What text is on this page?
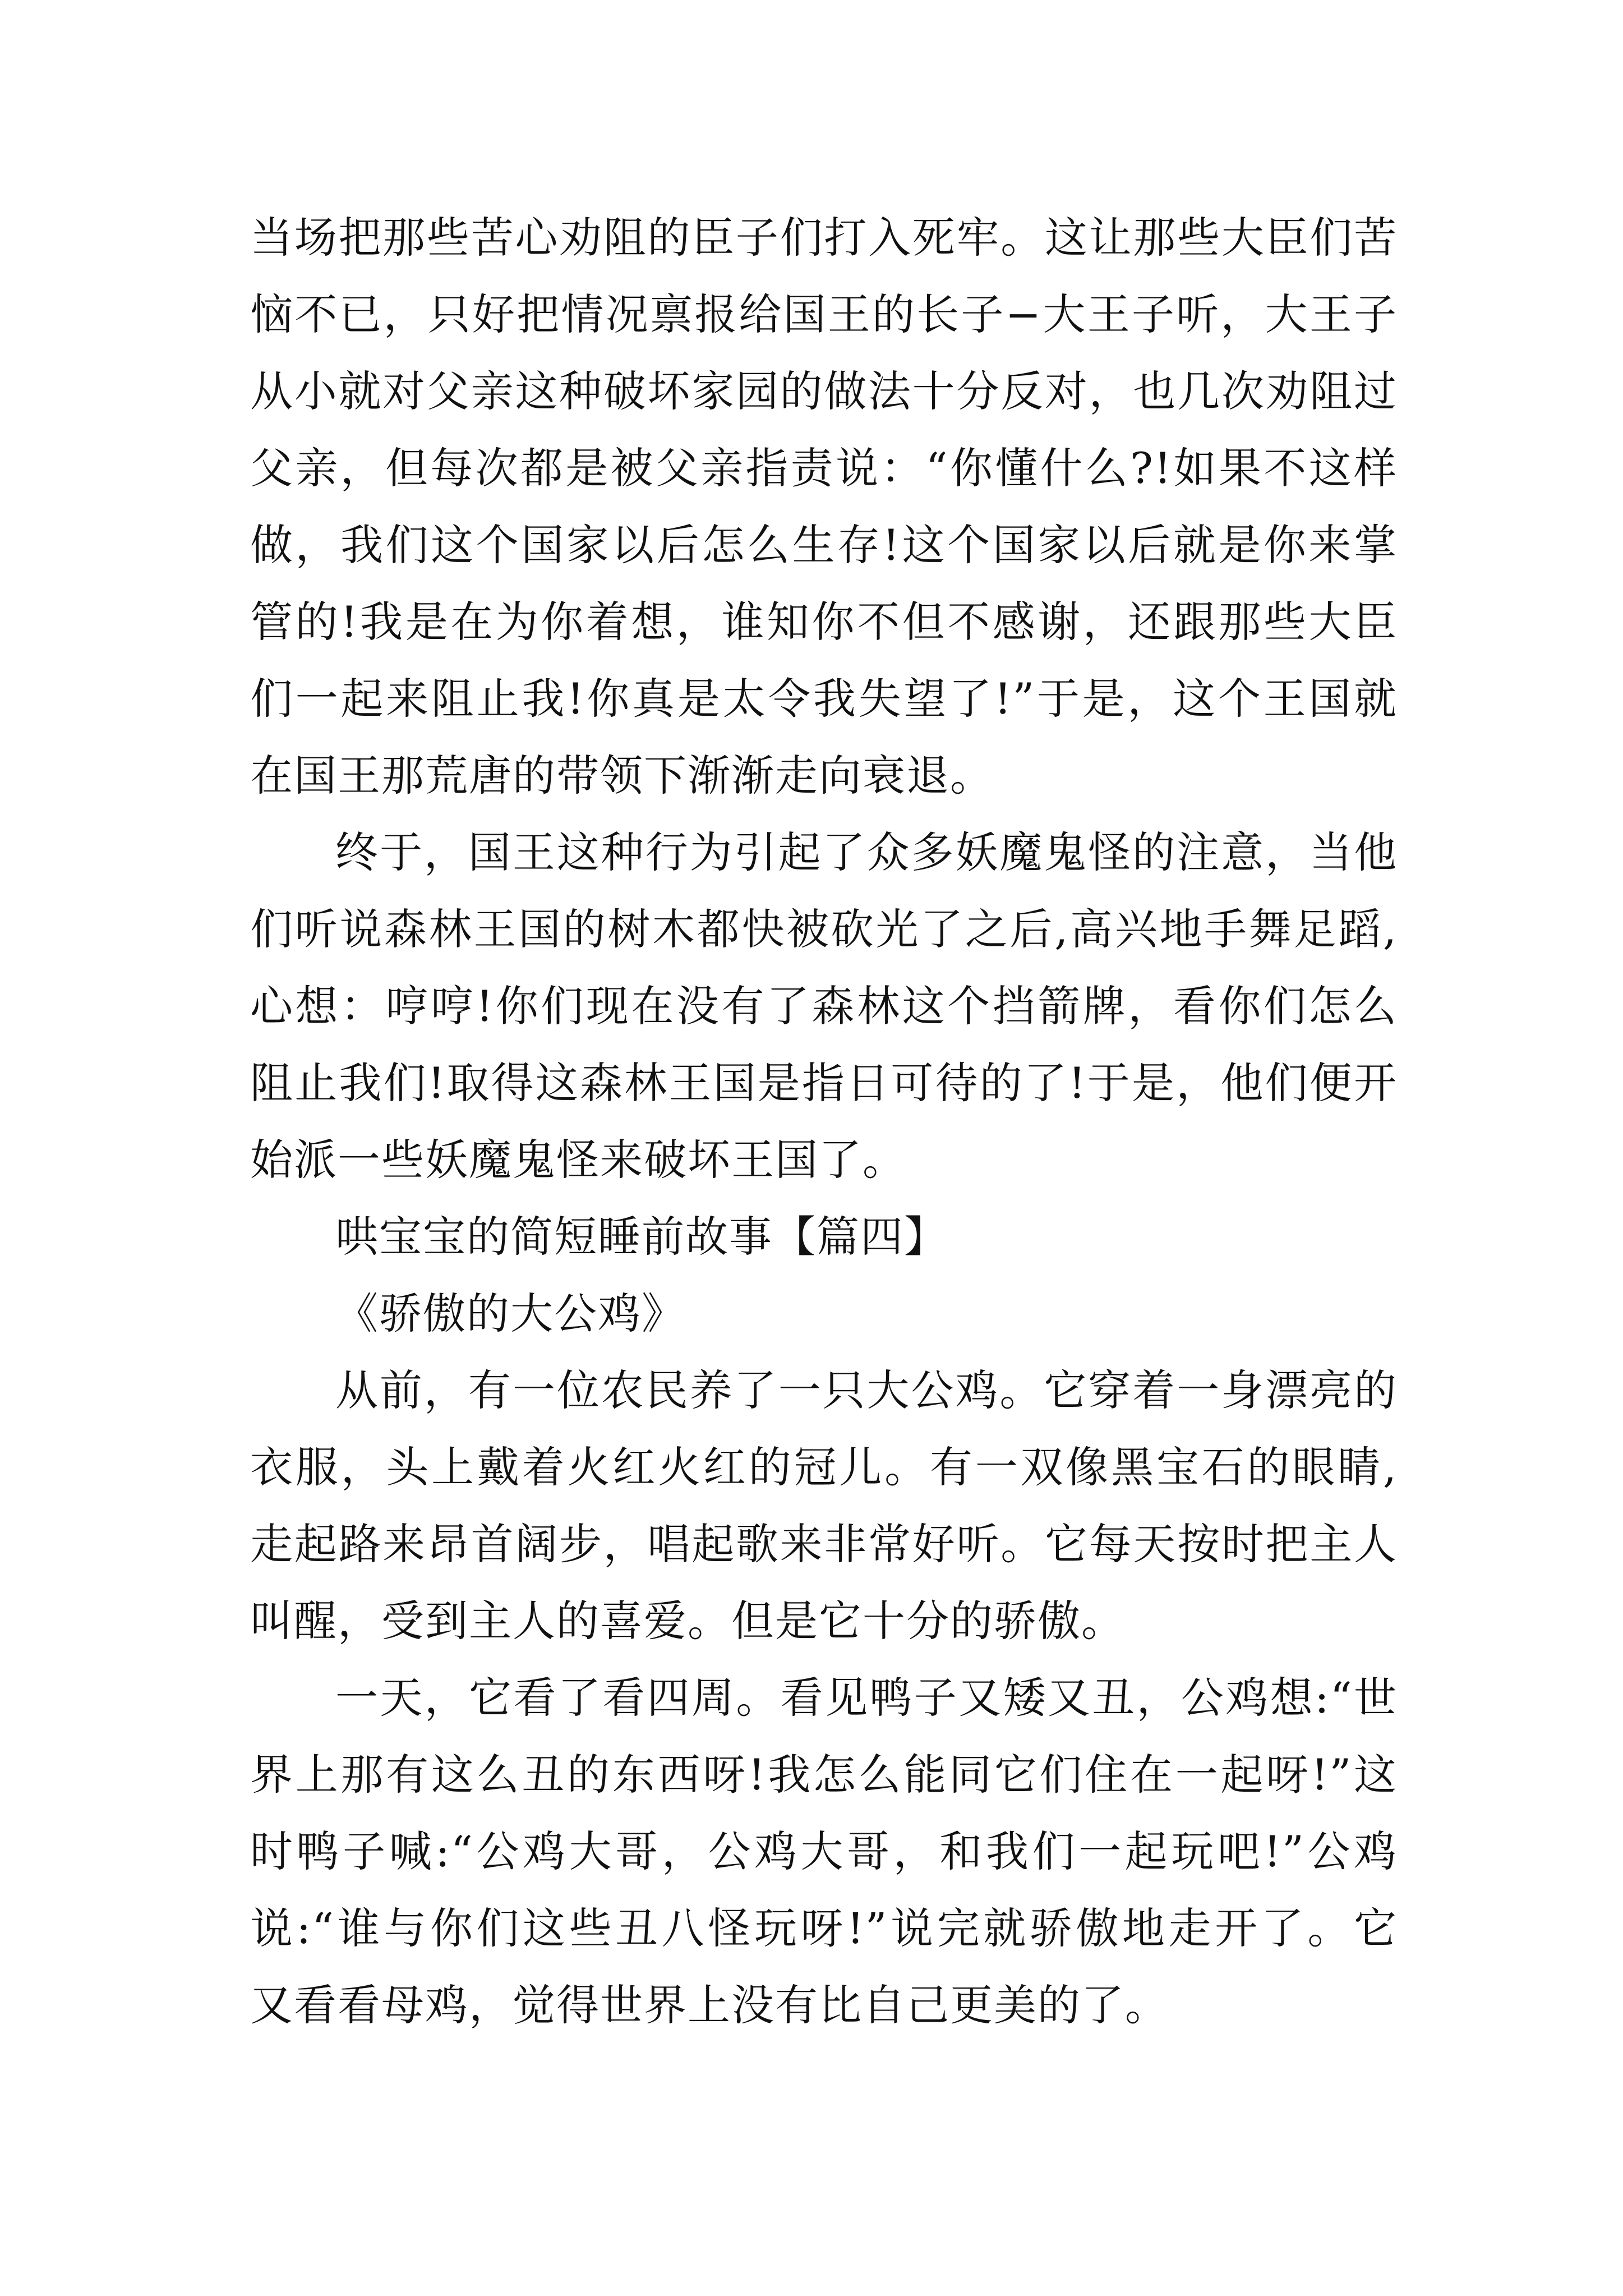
当场把那些苦心劝阻的臣子们打入死牢。这让那些大臣们苦
恼不已，只好把情况禀报给国王的长子−大王子听，大王子
从小就对父亲这种破坏家园的做法十分反对，也几次劝阻过
父亲，但每次都是被父亲指责说：“你懂什么?!如果不这样
做，我们这个国家以后怎么生存!这个国家以后就是你来掌
管的!我是在为你着想，谁知你不但不感谢，还跟那些大臣
们一起来阻止我!你真是太令我失望了!”于是，这个王国就
在国王那荒唐的带领下渐渐走向衰退。
终于，国王这种行为引起了众多妖魔鬼怪的注意，当他
们听说森林王国的树木都快被砍光了之后,高兴地手舞足蹈,
心想：哼哼!你们现在没有了森林这个挡箭牌，看你们怎么
阻止我们!取得这森林王国是指日可待的了!于是，他们便开
始派一些妖魔鬼怪来破坏王国了。
哄宝宝的简短睡前故事【篇四】
《骄傲的大公鸡》
从前，有一位农民养了一只大公鸡。它穿着一身漂亮的
衣服，头上戴着火红火红的冠儿。有一双像黑宝石的眼睛,
走起路来昂首阔步，唱起歌来非常好听。它每天按时把主人
叫醒，受到主人的喜爱。但是它十分的骄傲。
一天，它看了看四周。看见鸭子又矮又丑，公鸡想:“世
界上那有这么丑的东西呀!我怎么能同它们住在一起呀!”这
时鸭子喊:“公鸡大哥，公鸡大哥，和我们一起玩吧!”公鸡
说:“谁与你们这些丑八怪玩呀!”说完就骄傲地走开了。它
又看看母鸡，觉得世界上没有比自己更美的了。
